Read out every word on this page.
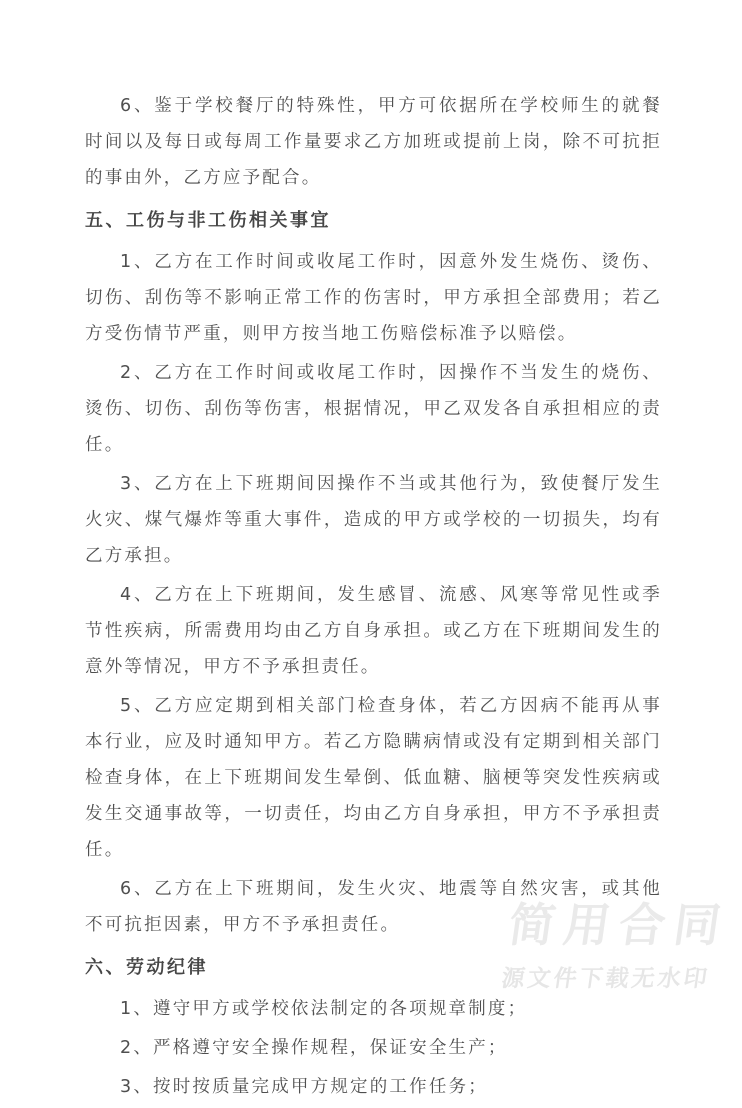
6、鉴于学校餐厅的特殊性，甲方可依据所在学校师生的就餐时间以及每日或每周工作量要求乙方加班或提前上岗，除不可抗拒的事由外，乙方应予配合。

五、工伤与非工伤相关事宜

1、乙方在工作时间或收尾工作时，因意外发生烧伤、烫伤、切伤、刮伤等不影响正常工作的伤害时，甲方承担全部费用；若乙方受伤情节严重，则甲方按当地工伤赔偿标准予以赔偿。

2、乙方在工作时间或收尾工作时，因操作不当发生的烧伤、烫伤、切伤、刮伤等伤害，根据情况，甲乙双发各自承担相应的责任。

3、乙方在上下班期间因操作不当或其他行为，致使餐厅发生火灾、煤气爆炸等重大事件，造成的甲方或学校的一切损失，均有乙方承担。

4、乙方在上下班期间，发生感冒、流感、风寒等常见性或季节性疾病，所需费用均由乙方自身承担。或乙方在下班期间发生的意外等情况，甲方不予承担责任。

5、乙方应定期到相关部门检查身体，若乙方因病不能再从事本行业，应及时通知甲方。若乙方隐瞒病情或没有定期到相关部门检查身体，在上下班期间发生晕倒、低血糖、脑梗等突发性疾病或发生交通事故等，一切责任，均由乙方自身承担，甲方不予承担责任。

6、乙方在上下班期间，发生火灾、地震等自然灾害，或其他不可抗拒因素，甲方不予承担责任。

六、劳动纪律

1、遵守甲方或学校依法制定的各项规章制度；

2、严格遵守安全操作规程，保证安全生产；

3、按时按质量完成甲方规定的工作任务；

简用合同
源文件下载无水印
